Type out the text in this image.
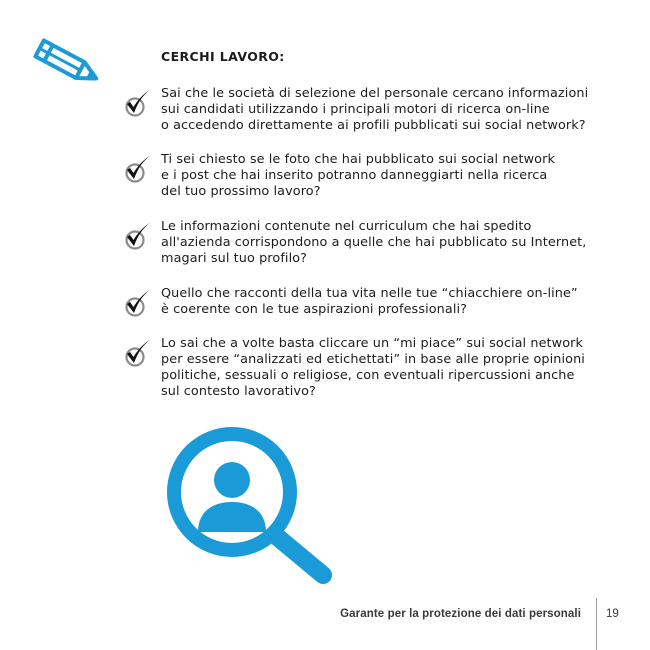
CERCHI LAVORO:
Sai che le società di selezione del personale cercano informazioni
sui candidati utilizzando i principali motori di ricerca on-line
o accedendo direttamente ai profili pubblicati sui social network?
Ti sei chiesto se le foto che hai pubblicato sui social network
e i post che hai inserito potranno danneggiarti nella ricerca
del tuo prossimo lavoro?
Le informazioni contenute nel curriculum che hai spedito
all'azienda corrispondono a quelle che hai pubblicato su Internet,
magari sul tuo profilo?
Quello che racconti della tua vita nelle tue “chiacchiere on-line”
è coerente con le tue aspirazioni professionali?
Lo sai che a volte basta cliccare un “mi piace” sui social network
per essere “analizzati ed etichettati” in base alle proprie opinioni
politiche, sessuali o religiose, con eventuali ripercussioni anche
sul contesto lavorativo?
Garante per la protezione dei dati personali 19
